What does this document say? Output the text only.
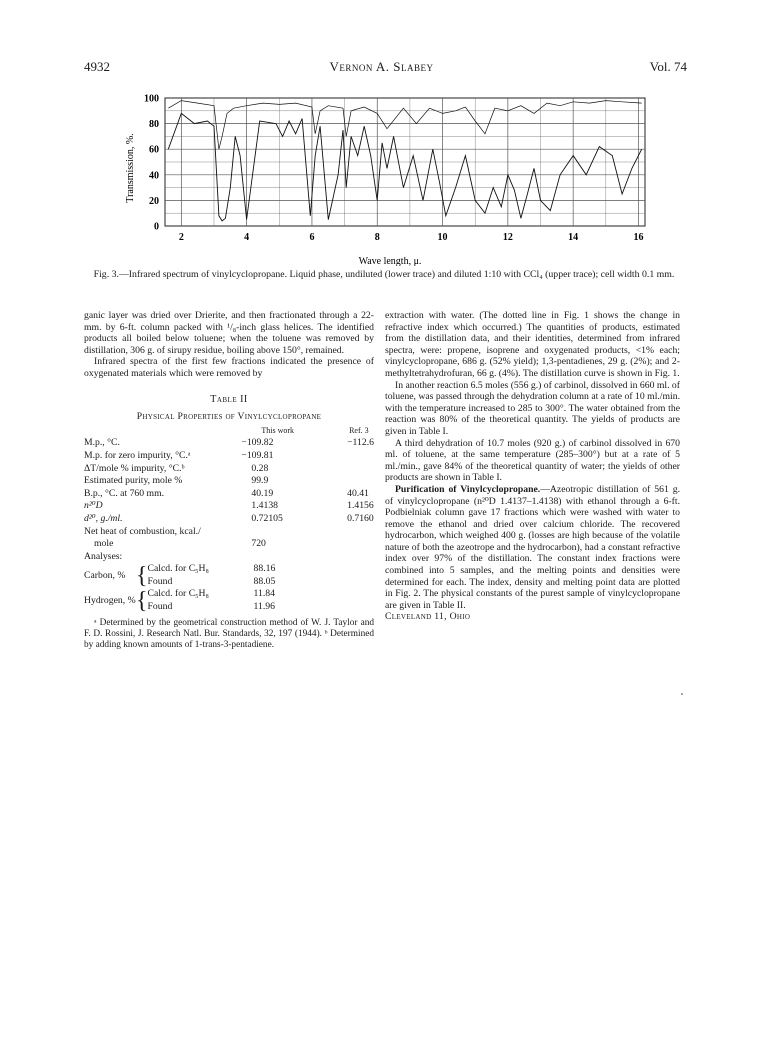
4932	Vernon A. Slabey	Vol. 74
0
20
40
60
80
100
2	4	6	8	10	12	14	16
Transmission, %.
Wave length, μ.
Fig. 3.—Infrared spectrum of vinylcyclopropane. Liquid phase, undiluted (lower trace) and diluted 1:10 with CCl₄ (upper trace); cell width 0.1 mm.

ganic layer was dried over Drierite, and then fractionated through a 22-mm. by 6-ft. column packed with ¹/₈-inch glass helices. The identified products all boiled below toluene; when the toluene was removed by distillation, 306 g. of sirupy residue, boiling above 150°, remained.

Infrared spectra of the first few fractions indicated the presence of oxygenated materials which were removed by

Table II
Physical Properties of Vinylcyclopropane
	This work	Ref. 3
M.p., °C.	−109.82	−112.6
M.p. for zero impurity, °C.ᵃ	−109.81	
ΔT/mole % impurity, °C.ᵇ	0.28	
Estimated purity, mole %	99.9	
B.p., °C. at 760 mm.	40.19	40.41
n²⁰D	1.4138	1.4156
d²⁰, g./ml.	0.72105	0.7160
Net heat of combustion, kcal./		
mole	720	
Analyses:		
Carbon, %	{	Calcd. for C₅H₈	88.16
		Found	88.05
Hydrogen, %	{	Calcd. for C₅H₈	11.84
		Found	11.96
ᵃ Determined by the geometrical construction method of W. J. Taylor and F. D. Rossini, J. Research Natl. Bur. Standards, 32, 197 (1944). ᵇ Determined by adding known amounts of 1-trans-3-pentadiene.

extraction with water. (The dotted line in Fig. 1 shows the change in refractive index which occurred.) The quantities of products, estimated from the distillation data, and their identities, determined from infrared spectra, were: propene, isoprene and oxygenated products, <1% each; vinylcyclopropane, 686 g. (52% yield); 1,3-pentadienes, 29 g. (2%); and 2-methyltetrahydrofuran, 66 g. (4%). The distillation curve is shown in Fig. 1.

In another reaction 6.5 moles (556 g.) of carbinol, dissolved in 660 ml. of toluene, was passed through the dehydration column at a rate of 10 ml./min. with the temperature increased to 285 to 300°. The water obtained from the reaction was 80% of the theoretical quantity. The yields of products are given in Table I.

A third dehydration of 10.7 moles (920 g.) of carbinol dissolved in 670 ml. of toluene, at the same temperature (285–300°) but at a rate of 5 ml./min., gave 84% of the theoretical quantity of water; the yields of other products are shown in Table I.

Purification of Vinylcyclopropane.—Azeotropic distillation of 561 g. of vinylcyclopropane (n²⁰D 1.4137–1.4138) with ethanol through a 6-ft. Podbielniak column gave 17 fractions which were washed with water to remove the ethanol and dried over calcium chloride. The recovered hydrocarbon, which weighed 400 g. (losses are high because of the volatile nature of both the azeotrope and the hydrocarbon), had a constant refractive index over 97% of the distillation. The constant index fractions were combined into 5 samples, and the melting points and densities were determined for each. The index, density and melting point data are plotted in Fig. 2. The physical constants of the purest sample of vinylcyclopropane are given in Table II.

Cleveland 11, Ohio
